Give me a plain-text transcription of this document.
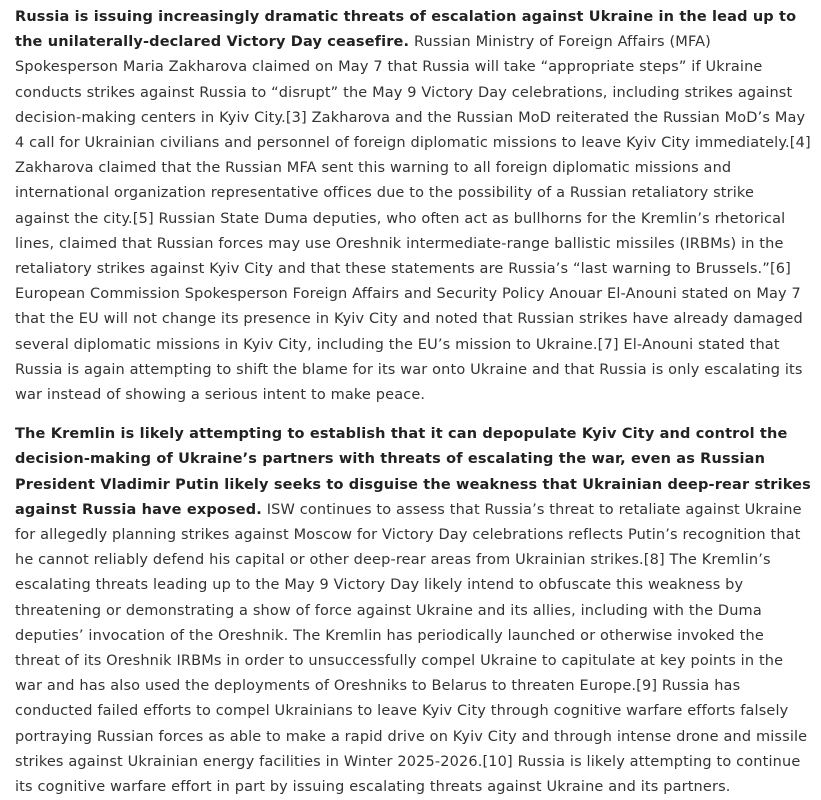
Russia is issuing increasingly dramatic threats of escalation against Ukraine in the lead up to the unilaterally-declared Victory Day ceasefire. Russian Ministry of Foreign Affairs (MFA) Spokesperson Maria Zakharova claimed on May 7 that Russia will take “appropriate steps” if Ukraine conducts strikes against Russia to “disrupt” the May 9 Victory Day celebrations, including strikes against decision-making centers in Kyiv City.[3] Zakharova and the Russian MoD reiterated the Russian MoD’s May 4 call for Ukrainian civilians and personnel of foreign diplomatic missions to leave Kyiv City immediately.[4] Zakharova claimed that the Russian MFA sent this warning to all foreign diplomatic missions and international organization representative offices due to the possibility of a Russian retaliatory strike against the city.[5] Russian State Duma deputies, who often act as bullhorns for the Kremlin’s rhetorical lines, claimed that Russian forces may use Oreshnik intermediate-range ballistic missiles (IRBMs) in the retaliatory strikes against Kyiv City and that these statements are Russia’s “last warning to Brussels.”[6] European Commission Spokesperson Foreign Affairs and Security Policy Anouar El-Anouni stated on May 7 that the EU will not change its presence in Kyiv City and noted that Russian strikes have already damaged several diplomatic missions in Kyiv City, including the EU’s mission to Ukraine.[7] El-Anouni stated that Russia is again attempting to shift the blame for its war onto Ukraine and that Russia is only escalating its war instead of showing a serious intent to make peace.

The Kremlin is likely attempting to establish that it can depopulate Kyiv City and control the decision-making of Ukraine’s partners with threats of escalating the war, even as Russian President Vladimir Putin likely seeks to disguise the weakness that Ukrainian deep-rear strikes against Russia have exposed. ISW continues to assess that Russia’s threat to retaliate against Ukraine for allegedly planning strikes against Moscow for Victory Day celebrations reflects Putin’s recognition that he cannot reliably defend his capital or other deep-rear areas from Ukrainian strikes.[8] The Kremlin’s escalating threats leading up to the May 9 Victory Day likely intend to obfuscate this weakness by threatening or demonstrating a show of force against Ukraine and its allies, including with the Duma deputies’ invocation of the Oreshnik. The Kremlin has periodically launched or otherwise invoked the threat of its Oreshnik IRBMs in order to unsuccessfully compel Ukraine to capitulate at key points in the war and has also used the deployments of Oreshniks to Belarus to threaten Europe.[9] Russia has conducted failed efforts to compel Ukrainians to leave Kyiv City through cognitive warfare efforts falsely portraying Russian forces as able to make a rapid drive on Kyiv City and through intense drone and missile strikes against Ukrainian energy facilities in Winter 2025-2026.[10] Russia is likely attempting to continue its cognitive warfare effort in part by issuing escalating threats against Ukraine and its partners.
